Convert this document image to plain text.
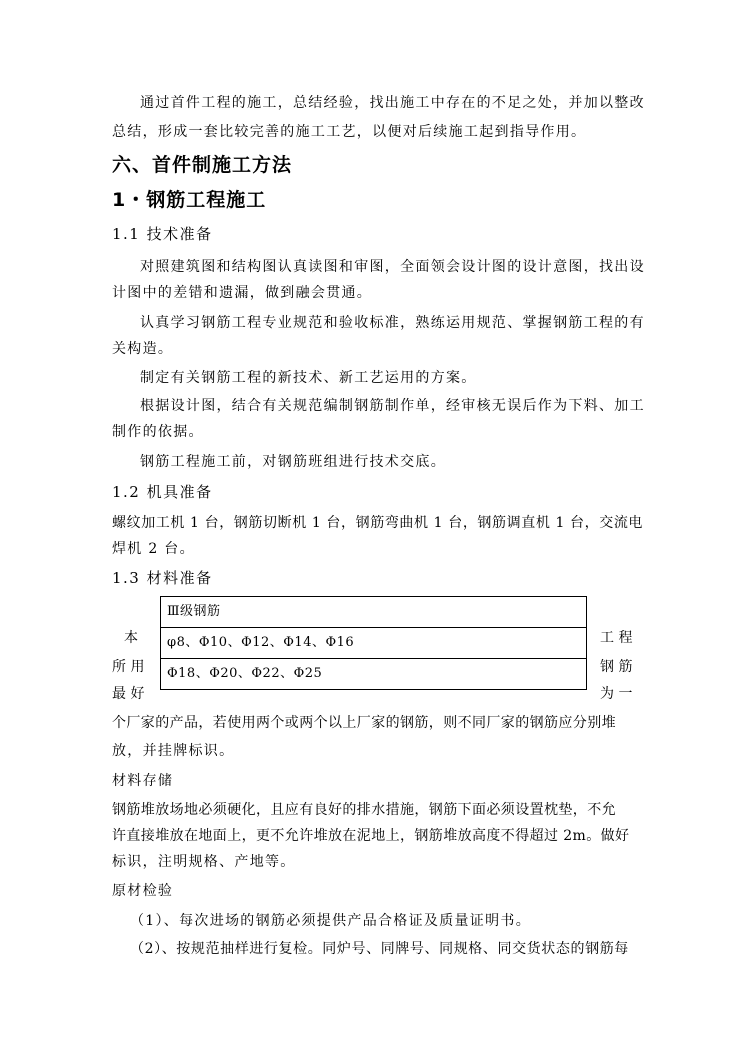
通过首件工程的施工，总结经验，找出施工中存在的不足之处，并加以整改
总结，形成一套比较完善的施工工艺，以便对后续施工起到指导作用。
六、首件制施工方法
1・钢筋工程施工
1.1 技术准备
对照建筑图和结构图认真读图和审图，全面领会设计图的设计意图，找出设
计图中的差错和遗漏，做到融会贯通。
认真学习钢筋工程专业规范和验收标准，熟练运用规范、掌握钢筋工程的有
关构造。
制定有关钢筋工程的新技术、新工艺运用的方案。
根据设计图，结合有关规范编制钢筋制作单，经审核无误后作为下料、加工
制作的依据。
钢筋工程施工前，对钢筋班组进行技术交底。
1.2 机具准备
螺纹加工机 1 台，钢筋切断机 1 台，钢筋弯曲机 1 台，钢筋调直机 1 台，交流电
焊机 2 台。
1.3 材料准备
本
所 用
最 好
Ⅲ级钢筋
φ8、Φ10、Φ12、Φ14、Φ16
Φ18、Φ20、Φ22、Φ25
工 程
钢 筋
为 一
个厂家的产品，若使用两个或两个以上厂家的钢筋，则不同厂家的钢筋应分别堆
放，并挂牌标识。
材料存储
钢筋堆放场地必须硬化，且应有良好的排水措施，钢筋下面必须设置枕垫，不允
许直接堆放在地面上，更不允许堆放在泥地上，钢筋堆放高度不得超过 2m。做好
标识，注明规格、产地等。
原材检验
（1）、每次进场的钢筋必须提供产品合格证及质量证明书。
（2）、按规范抽样进行复检。同炉号、同牌号、同规格、同交货状态的钢筋每
